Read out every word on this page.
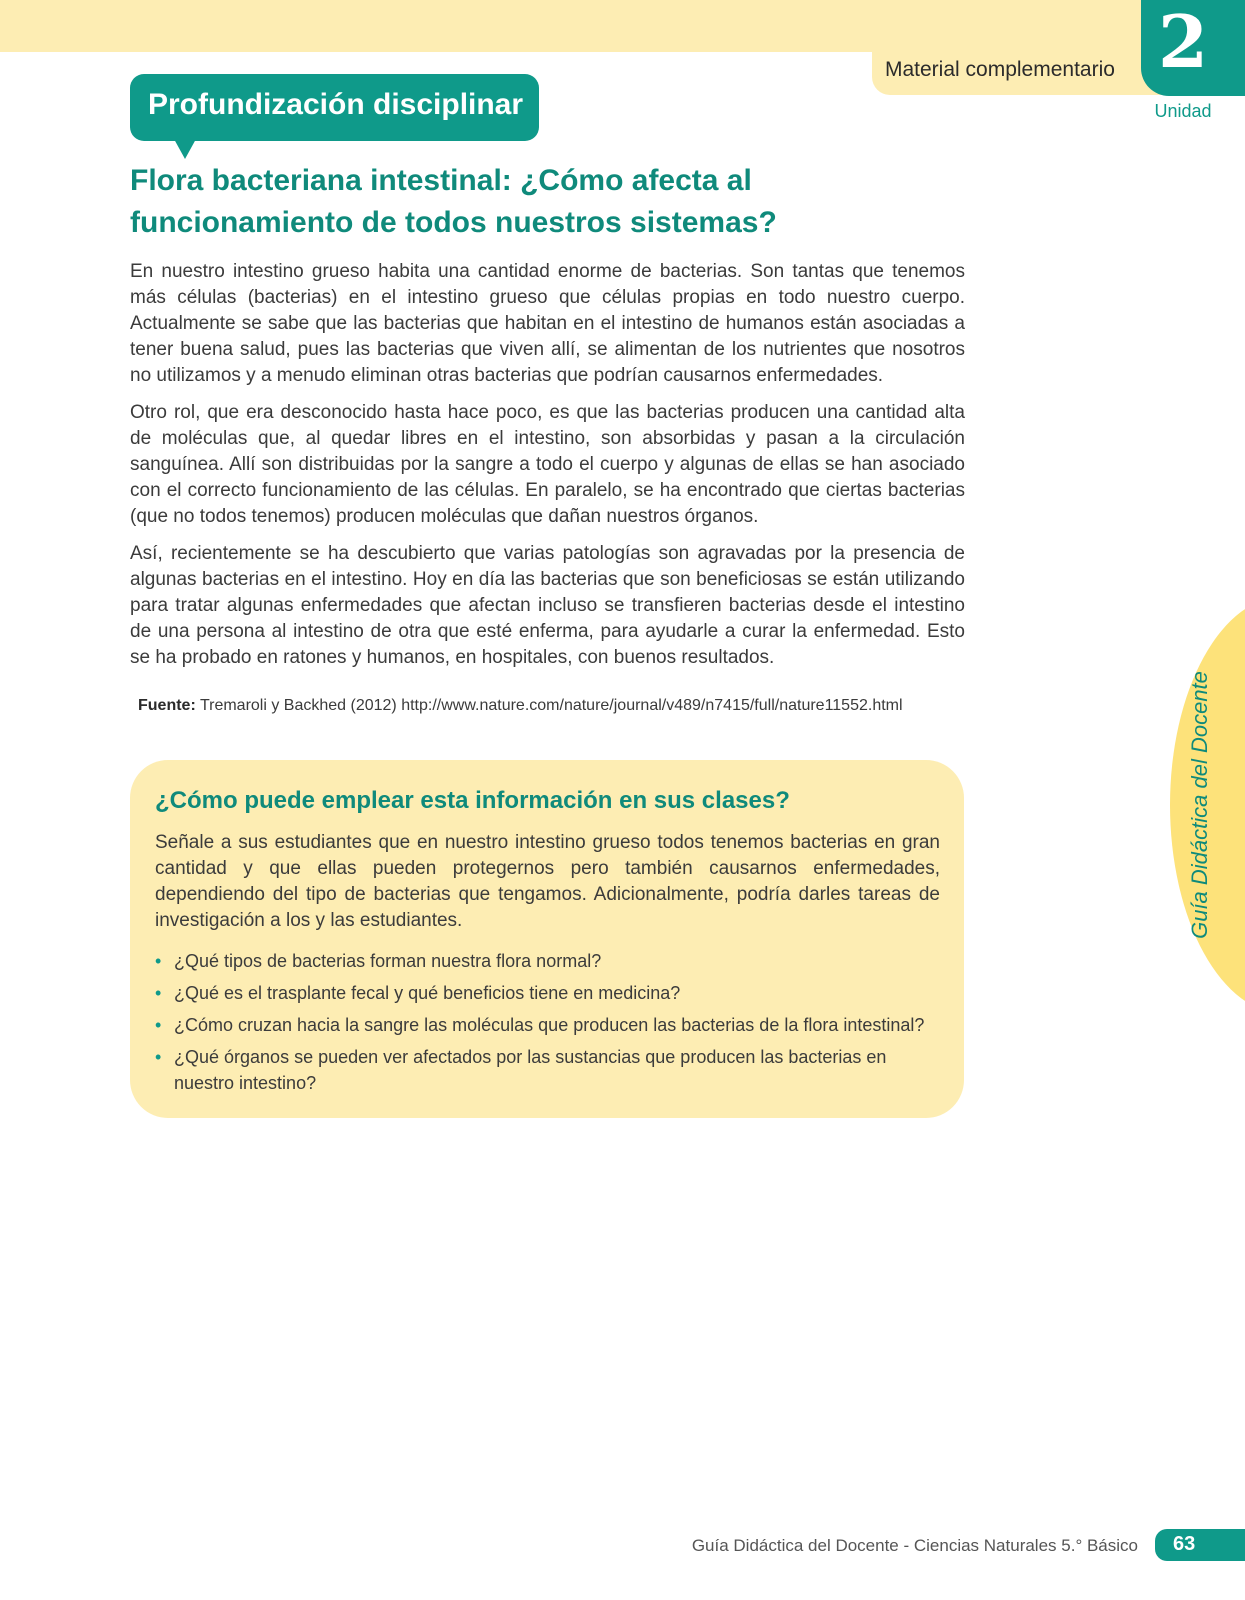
Material complementario 2
Unidad
Profundización disciplinar
Flora bacteriana intestinal: ¿Cómo afecta al funcionamiento de todos nuestros sistemas?

En nuestro intestino grueso habita una cantidad enorme de bacterias. Son tantas que tenemos más células (bacterias) en el intestino grueso que células propias en todo nuestro cuerpo. Actualmente se sabe que las bacterias que habitan en el intestino de humanos están asociadas a tener buena salud, pues las bacterias que viven allí, se alimentan de los nutrientes que nosotros no utilizamos y a menudo eliminan otras bacterias que podrían causarnos enfermedades.

Otro rol, que era desconocido hasta hace poco, es que las bacterias producen una cantidad alta de moléculas que, al quedar libres en el intestino, son absorbidas y pasan a la circulación sanguínea. Allí son distribuidas por la sangre a todo el cuerpo y algunas de ellas se han asociado con el correcto funcionamiento de las células. En paralelo, se ha encontrado que ciertas bacterias (que no todos tenemos) producen moléculas que dañan nuestros órganos.

Así, recientemente se ha descubierto que varias patologías son agravadas por la presencia de algunas bacterias en el intestino. Hoy en día las bacterias que son beneficiosas se están utilizando para tratar algunas enfermedades que afectan incluso se transfieren bacterias desde el intestino de una persona al intestino de otra que esté enferma, para ayudarle a curar la enfermedad. Esto se ha probado en ratones y humanos, en hospitales, con buenos resultados.

Fuente: Tremaroli y Backhed (2012) http://www.nature.com/nature/journal/v489/n7415/full/nature11552.html
¿Cómo puede emplear esta información en sus clases?

Señale a sus estudiantes que en nuestro intestino grueso todos tenemos bacterias en gran cantidad y que ellas pueden protegernos pero también causarnos enfermedades, dependiendo del tipo de bacterias que tengamos. Adicionalmente, podría darles tareas de investigación a los y las estudiantes.

• ¿Qué tipos de bacterias forman nuestra flora normal?
• ¿Qué es el trasplante fecal y qué beneficios tiene en medicina?
• ¿Cómo cruzan hacia la sangre las moléculas que producen las bacterias de la flora intestinal?
• ¿Qué órganos se pueden ver afectados por las sustancias que producen las bacterias en nuestro intestino?
Guía Didáctica del Docente
Guía Didáctica del Docente - Ciencias Naturales 5.° Básico	63
